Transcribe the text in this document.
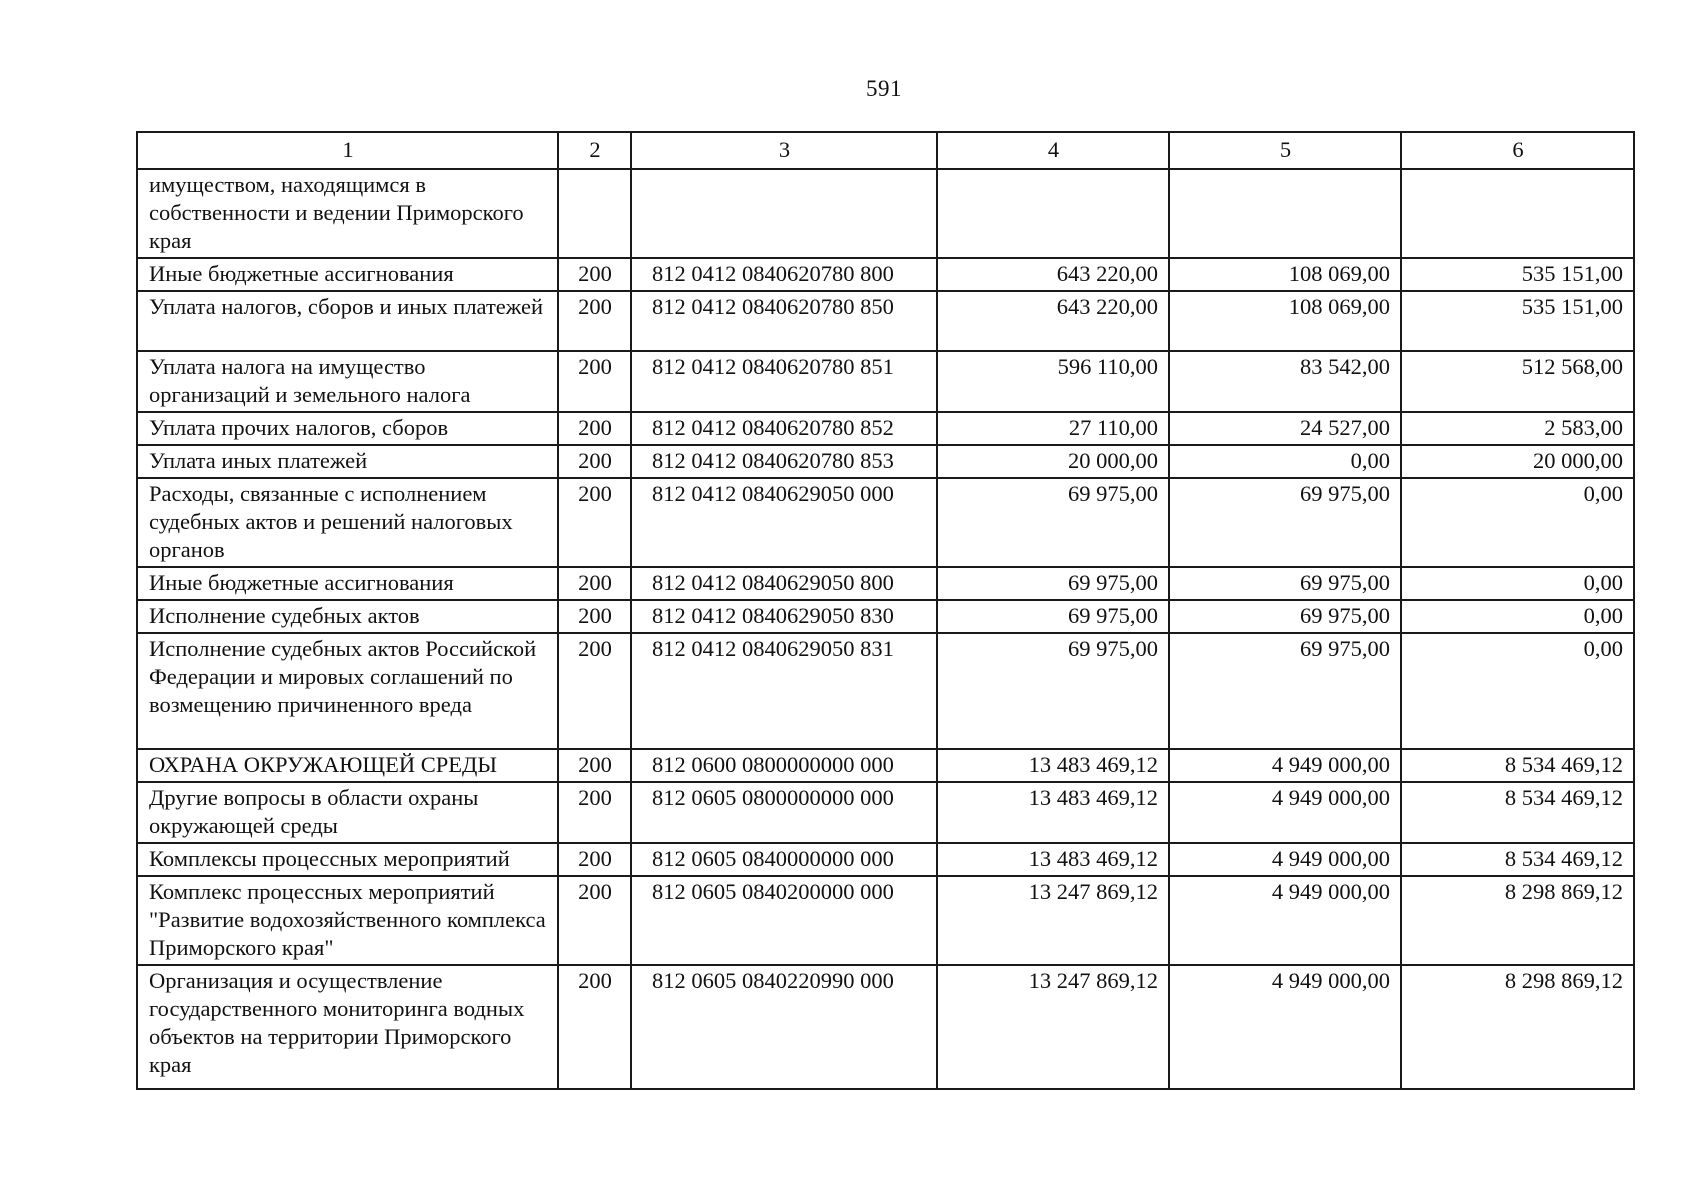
591
1	2	3	4	5	6
имуществом, находящимся в собственности и ведении Приморского края					
Иные бюджетные ассигнования	200	812 0412 0840620780 800	643 220,00	108 069,00	535 151,00
Уплата налогов, сборов и иных платежей	200	812 0412 0840620780 850	643 220,00	108 069,00	535 151,00
Уплата налога на имущество организаций и земельного налога	200	812 0412 0840620780 851	596 110,00	83 542,00	512 568,00
Уплата прочих налогов, сборов	200	812 0412 0840620780 852	27 110,00	24 527,00	2 583,00
Уплата иных платежей	200	812 0412 0840620780 853	20 000,00	0,00	20 000,00
Расходы, связанные с исполнением судебных актов и решений налоговых органов	200	812 0412 0840629050 000	69 975,00	69 975,00	0,00
Иные бюджетные ассигнования	200	812 0412 0840629050 800	69 975,00	69 975,00	0,00
Исполнение судебных актов	200	812 0412 0840629050 830	69 975,00	69 975,00	0,00
Исполнение судебных актов Российской Федерации и мировых соглашений по возмещению причиненного вреда	200	812 0412 0840629050 831	69 975,00	69 975,00	0,00
ОХРАНА ОКРУЖАЮЩЕЙ СРЕДЫ	200	812 0600 0800000000 000	13 483 469,12	4 949 000,00	8 534 469,12
Другие вопросы в области охраны окружающей среды	200	812 0605 0800000000 000	13 483 469,12	4 949 000,00	8 534 469,12
Комплексы процессных мероприятий	200	812 0605 0840000000 000	13 483 469,12	4 949 000,00	8 534 469,12
Комплекс процессных мероприятий "Развитие водохозяйственного комплекса Приморского края"	200	812 0605 0840200000 000	13 247 869,12	4 949 000,00	8 298 869,12
Организация и осуществление государственного мониторинга водных объектов на территории Приморского края	200	812 0605 0840220990 000	13 247 869,12	4 949 000,00	8 298 869,12
